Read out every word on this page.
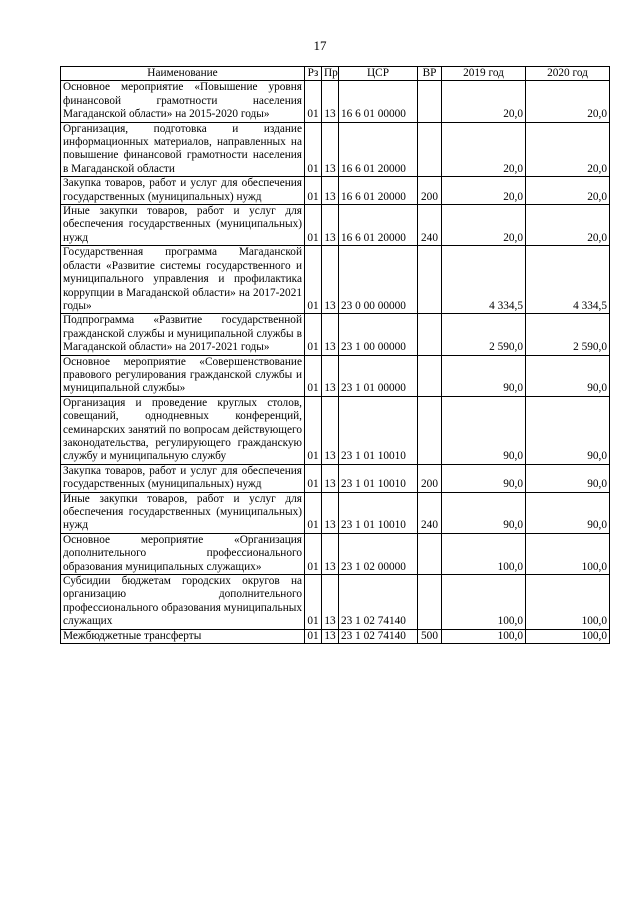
17
Наименование	Рз	Пр	ЦСР	ВР	2019 год	2020 год
Основное мероприятие «Повышение уровня финансовой грамотности населения Магаданской области» на 2015-2020 годы»	01	13	16 6 01 00000		20,0	20,0
Организация, подготовка и издание информационных материалов, направленных на повышение финансовой грамотности населения в Магаданской области	01	13	16 6 01 20000		20,0	20,0
Закупка товаров, работ и услуг для обеспечения государственных (муниципальных) нужд	01	13	16 6 01 20000	200	20,0	20,0
Иные закупки товаров, работ и услуг для обеспечения государственных (муниципальных) нужд	01	13	16 6 01 20000	240	20,0	20,0
Государственная программа Магаданской области «Развитие системы государственного и муниципального управления и профилактика коррупции в Магаданской области» на 2017-2021 годы»	01	13	23 0 00 00000		4 334,5	4 334,5
Подпрограмма «Развитие государственной гражданской службы и муниципальной службы в Магаданской области» на 2017-2021 годы»	01	13	23 1 00 00000		2 590,0	2 590,0
Основное мероприятие «Совершенствование правового регулирования гражданской службы и муниципальной службы»	01	13	23 1 01 00000		90,0	90,0
Организация и проведение круглых столов, совещаний, однодневных конференций, семинарских занятий по вопросам действующего законодательства, регулирующего гражданскую службу и муниципальную службу	01	13	23 1 01 10010		90,0	90,0
Закупка товаров, работ и услуг для обеспечения государственных (муниципальных) нужд	01	13	23 1 01 10010	200	90,0	90,0
Иные закупки товаров, работ и услуг для обеспечения государственных (муниципальных) нужд	01	13	23 1 01 10010	240	90,0	90,0
Основное мероприятие «Организация дополнительного профессионального образования муниципальных служащих»	01	13	23 1 02 00000		100,0	100,0
Субсидии бюджетам городских округов на организацию дополнительного профессионального образования муниципальных служащих	01	13	23 1 02 74140		100,0	100,0
Межбюджетные трансферты	01	13	23 1 02 74140	500	100,0	100,0
